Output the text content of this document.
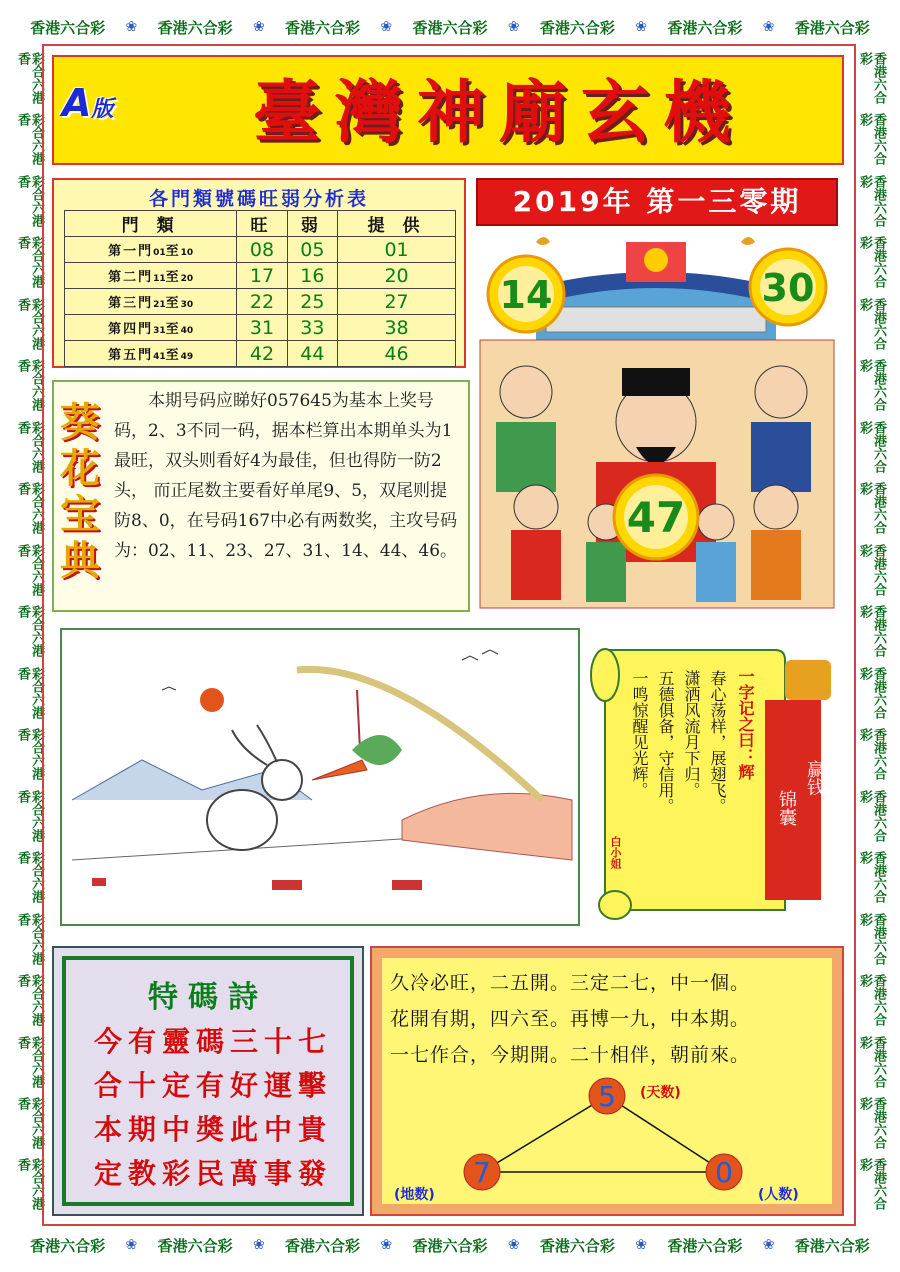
香港六合彩 ❀ 香港六合彩 ❀ 香港六合彩 ❀ 香港六合彩 ❀ 香港六合彩 ❀ 香港六合彩 ❀ 香港六合彩
香港六合彩 ❀ 香港六合彩 ❀ 香港六合彩 ❀ 香港六合彩 ❀ 香港六合彩 ❀ 香港六合彩 ❀ 香港六合彩
彩合六港香
彩合六港香
彩合六港香
彩合六港香
彩合六港香
彩合六港香
彩合六港香
彩合六港香
彩合六港香
彩合六港香
彩合六港香
彩合六港香
彩合六港香
彩合六港香
彩合六港香
彩合六港香
彩合六港香
彩合六港香
彩合六港香
香港六合彩
香港六合彩
香港六合彩
香港六合彩
香港六合彩
香港六合彩
香港六合彩
香港六合彩
香港六合彩
香港六合彩
香港六合彩
香港六合彩
香港六合彩
香港六合彩
香港六合彩
香港六合彩
香港六合彩
香港六合彩
香港六合彩
A版	臺灣神廟玄機
各門類號碼旺弱分析表
門 類	旺	弱	提 供
第一門01至10	08	05	01
第二門11至20	17	16	20
第三門21至30	22	25	27
第四門31至40	31	33	38
第五門41至49	42	44	46
2019年 第一三零期
14	30
47
葵花宝典
本期号码应睇好057645为基本上奖号码，2、3不同一码，据本栏算出本期单头为1最旺，双头则看好4为最佳，但也得防一防2头， 而正尾数主要看好单尾9、5，双尾则提防8、0，在号码167中必有两数奖，主攻号码为：02、11、23、27、31、14、44、46。
一字记之曰：辉
春心荡样，展翅飞。
潇洒风流月下归。
五德俱备，守信用。
一鸣惊醒见光辉。
白小姐
赢钱
锦囊
特碼詩
今有靈碼三十七
合十定有好運擊
本期中奬此中貴
定教彩民萬事發
久冷必旺，二五開。三定二七，中一個。
花開有期，四六至。再博一九，中本期。
一七作合，今期開。二十相伴，朝前來。
5
7	0
(天数)
(地数)	(人数)
